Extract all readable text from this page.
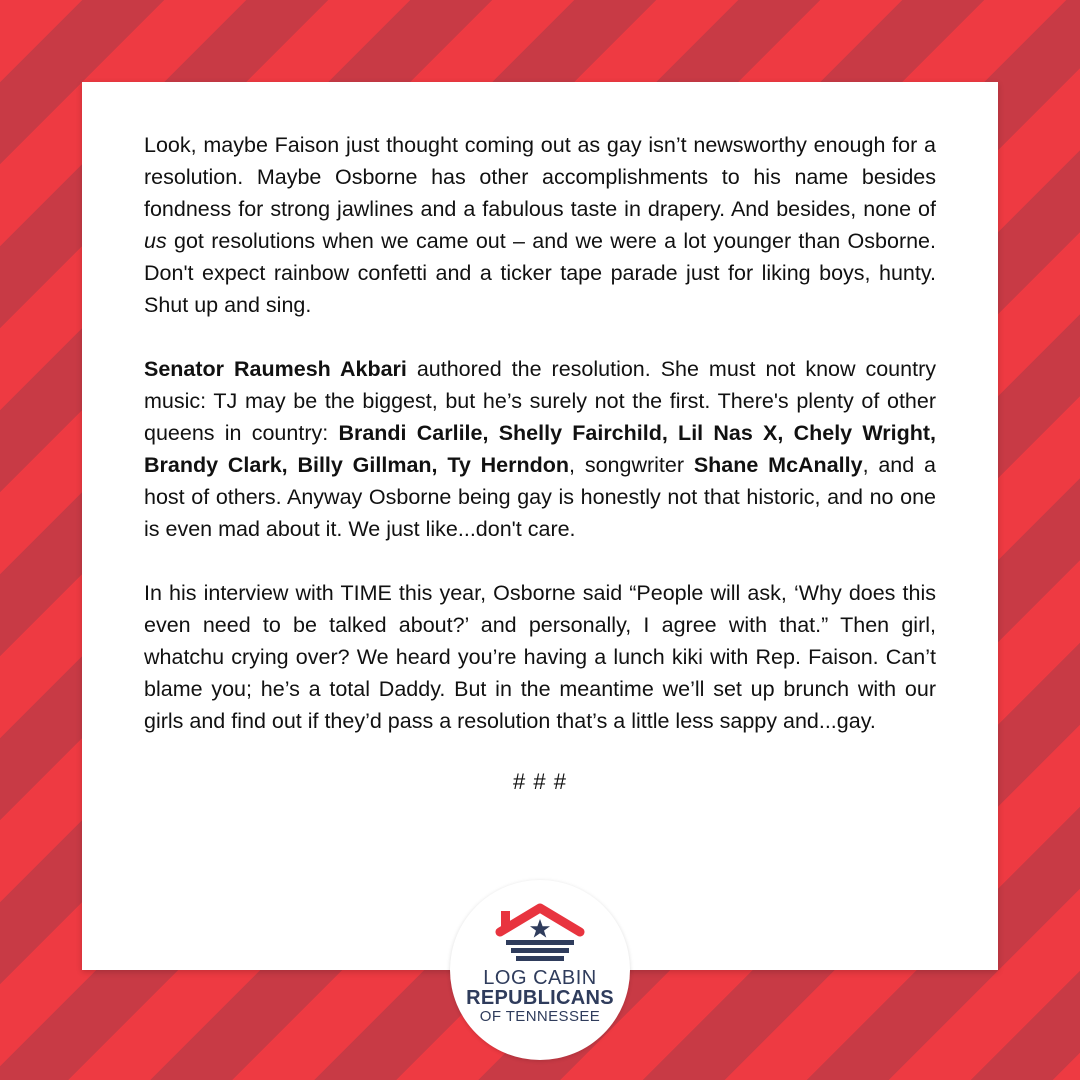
Look, maybe Faison just thought coming out as gay isn’t newsworthy enough for a resolution. Maybe Osborne has other accomplishments to his name besides fondness for strong jawlines and a fabulous taste in drapery. And besides, none of us got resolutions when we came out – and we were a lot younger than Osborne. Don't expect rainbow confetti and a ticker tape parade just for liking boys, hunty. Shut up and sing.

Senator Raumesh Akbari authored the resolution. She must not know country music: TJ may be the biggest, but he’s surely not the first. There's plenty of other queens in country: Brandi Carlile, Shelly Fairchild, Lil Nas X, Chely Wright, Brandy Clark, Billy Gillman, Ty Herndon, songwriter Shane McAnally, and a host of others. Anyway Osborne being gay is honestly not that historic, and no one is even mad about it. We just like...don't care.

In his interview with TIME this year, Osborne said “People will ask, ‘Why does this even need to be talked about?’ and personally, I agree with that.” Then girl, whatchu crying over? We heard you’re having a lunch kiki with Rep. Faison. Can’t blame you; he’s a total Daddy. But in the meantime we’ll set up brunch with our girls and find out if they’d pass a resolution that’s a little less sappy and...gay.

# # #
LOG CABIN
REPUBLICANS
OF TENNESSEE
